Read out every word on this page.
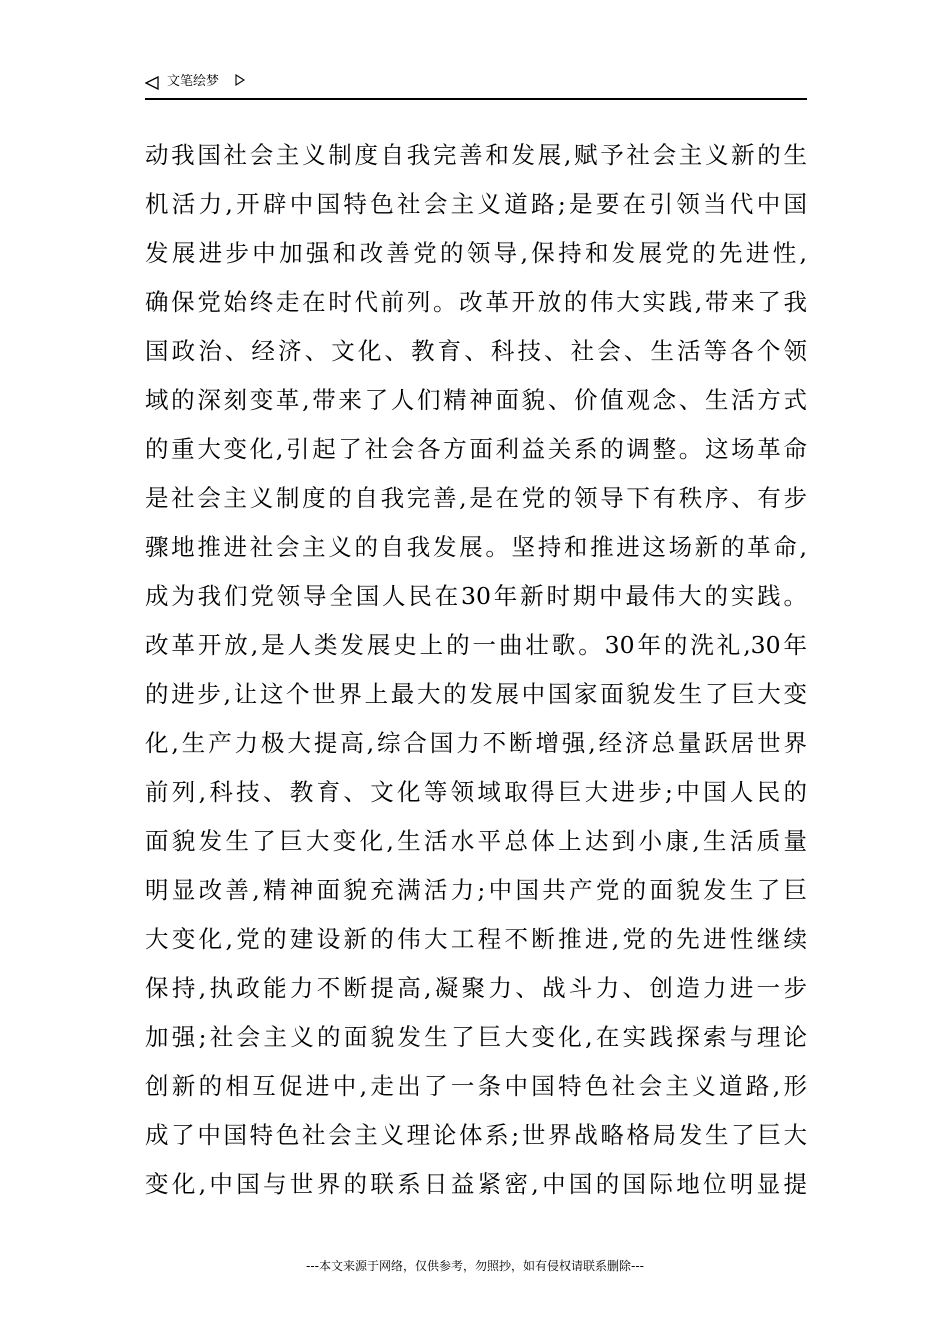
文笔绘梦
动我国社会主义制度自我完善和发展,赋予社会主义新的生
机活力,开辟中国特色社会主义道路;是要在引领当代中国
发展进步中加强和改善党的领导,保持和发展党的先进性,
确保党始终走在时代前列。改革开放的伟大实践,带来了我
国政治、经济、文化、教育、科技、社会、生活等各个领
域的深刻变革,带来了人们精神面貌、价值观念、生活方式
的重大变化,引起了社会各方面利益关系的调整。这场革命
是社会主义制度的自我完善,是在党的领导下有秩序、有步
骤地推进社会主义的自我发展。坚持和推进这场新的革命,
成为我们党领导全国人民在30年新时期中最伟大的实践。
改革开放,是人类发展史上的一曲壮歌。30年的洗礼,30年
的进步,让这个世界上最大的发展中国家面貌发生了巨大变
化,生产力极大提高,综合国力不断增强,经济总量跃居世界
前列,科技、教育、文化等领域取得巨大进步;中国人民的
面貌发生了巨大变化,生活水平总体上达到小康,生活质量
明显改善,精神面貌充满活力;中国共产党的面貌发生了巨
大变化,党的建设新的伟大工程不断推进,党的先进性继续
保持,执政能力不断提高,凝聚力、战斗力、创造力进一步
加强;社会主义的面貌发生了巨大变化,在实践探索与理论
创新的相互促进中,走出了一条中国特色社会主义道路,形
成了中国特色社会主义理论体系;世界战略格局发生了巨大
变化,中国与世界的联系日益紧密,中国的国际地位明显提
---本文来源于网络，仅供参考，勿照抄，如有侵权请联系删除---
